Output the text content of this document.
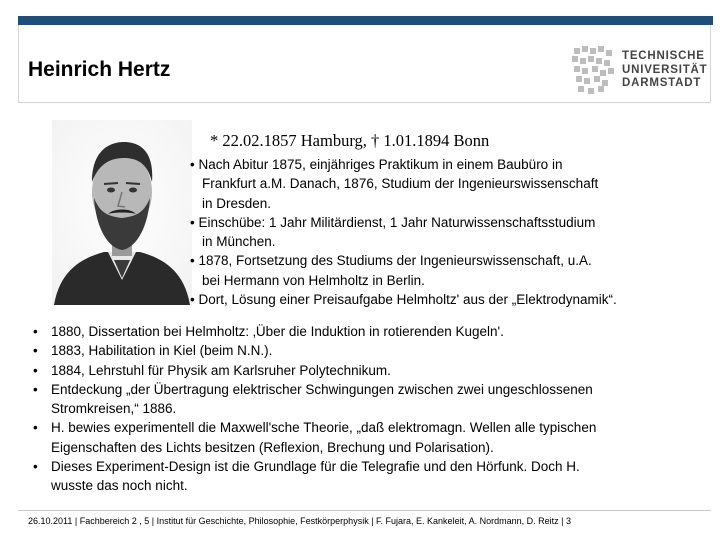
Heinrich Hertz
TECHNISCHE
UNIVERSITÄT
DARMSTADT
* 22.02.1857 Hamburg, † 1.01.1894 Bonn
• Nach Abitur 1875, einjähriges Praktikum in einem Baubüro in
Frankfurt a.M. Danach, 1876, Studium der Ingenieurswissenschaft
in Dresden.
• Einschübe: 1 Jahr Militärdienst, 1 Jahr Naturwissenschaftsstudium
in München.
• 1878, Fortsetzung des Studiums der Ingenieurswissenschaft, u.A.
bei Hermann von Helmholtz in Berlin.
• Dort, Lösung einer Preisaufgabe Helmholtz' aus der „Elektrodynamik“.
• 1880, Dissertation bei Helmholtz: ‚Über die Induktion in rotierenden Kugeln'.
• 1883, Habilitation in Kiel (beim N.N.).
• 1884, Lehrstuhl für Physik am Karlsruher Polytechnikum.
• Entdeckung „der Übertragung elektrischer Schwingungen zwischen zwei ungeschlossenen
Stromkreisen,“ 1886.
• H. bewies experimentell die Maxwell'sche Theorie, „daß elektromagn. Wellen alle typischen
Eigenschaften des Lichts besitzen (Reflexion, Brechung und Polarisation).
• Dieses Experiment-Design ist die Grundlage für die Telegrafie und den Hörfunk. Doch H.
wusste das noch nicht.
26.10.2011 | Fachbereich 2 , 5 | Institut für Geschichte, Philosophie, Festkörperphysik | F. Fujara, E. Kankeleit, A. Nordmann, D. Reitz | 3
